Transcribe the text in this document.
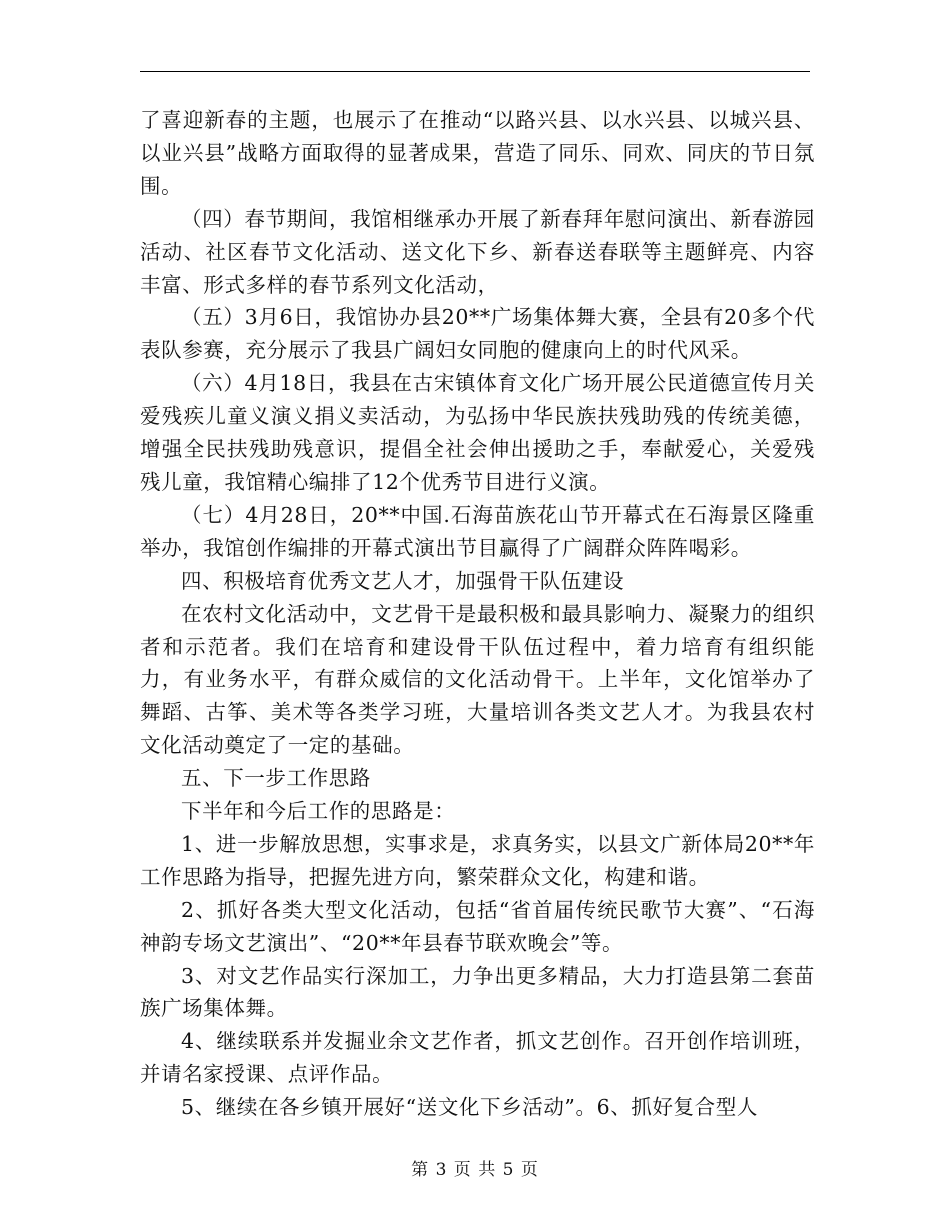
了喜迎新春的主题，也展示了在推动“以路兴县、以水兴县、以城兴县、以业兴县”战略方面取得的显著成果，营造了同乐、同欢、同庆的节日氛围。

（四）春节期间，我馆相继承办开展了新春拜年慰问演出、新春游园活动、社区春节文化活动、送文化下乡、新春送春联等主题鲜亮、内容丰富、形式多样的春节系列文化活动，

（五）3月6日，我馆协办县20**广场集体舞大赛，全县有20多个代表队参赛，充分展示了我县广阔妇女同胞的健康向上的时代风采。

（六）4月18日，我县在古宋镇体育文化广场开展公民道德宣传月关爱残疾儿童义演义捐义卖活动，为弘扬中华民族扶残助残的传统美德，增强全民扶残助残意识，提倡全社会伸出援助之手，奉献爱心，关爱残残儿童，我馆精心编排了12个优秀节目进行义演。

（七）4月28日，20**中国.石海苗族花山节开幕式在石海景区隆重举办，我馆创作编排的开幕式演出节目赢得了广阔群众阵阵喝彩。

四、积极培育优秀文艺人才，加强骨干队伍建设

在农村文化活动中，文艺骨干是最积极和最具影响力、凝聚力的组织者和示范者。我们在培育和建设骨干队伍过程中，着力培育有组织能力，有业务水平，有群众威信的文化活动骨干。上半年，文化馆举办了舞蹈、古筝、美术等各类学习班，大量培训各类文艺人才。为我县农村文化活动奠定了一定的基础。

五、下一步工作思路

下半年和今后工作的思路是：

1、进一步解放思想，实事求是，求真务实，以县文广新体局20**年工作思路为指导，把握先进方向，繁荣群众文化，构建和谐。

2、抓好各类大型文化活动，包括“省首届传统民歌节大赛”、“石海神韵专场文艺演出”、“20**年县春节联欢晚会”等。

3、对文艺作品实行深加工，力争出更多精品，大力打造县第二套苗族广场集体舞。

4、继续联系并发掘业余文艺作者，抓文艺创作。召开创作培训班，并请名家授课、点评作品。

5、继续在各乡镇开展好“送文化下乡活动”。6、抓好复合型人

第 3 页 共 5 页
